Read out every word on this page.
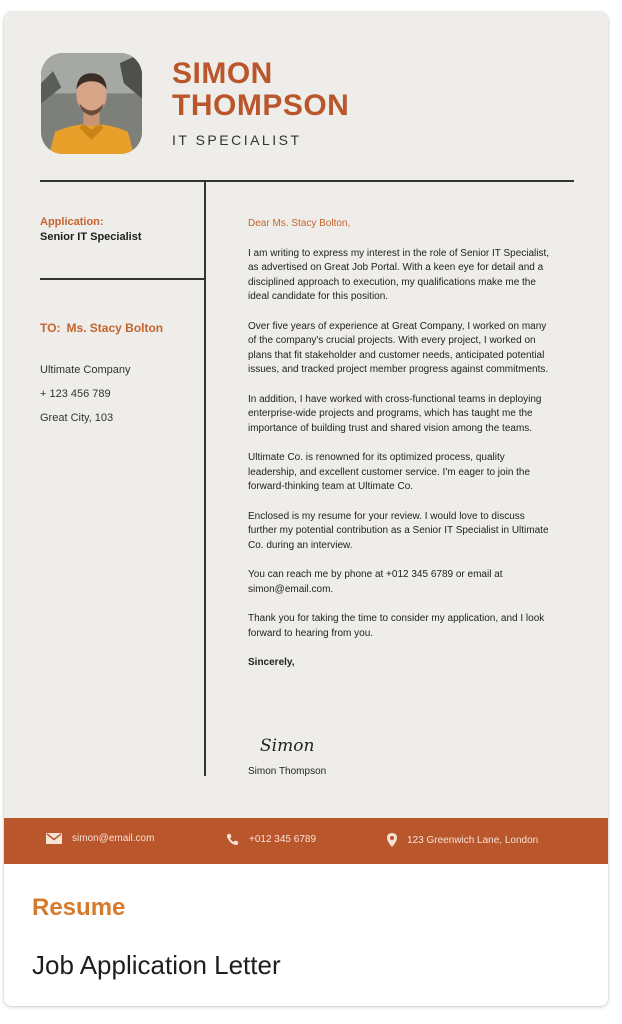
SIMON
THOMPSON
IT SPECIALIST
Application:
Senior IT Specialist
TO: Ms. Stacy Bolton
Ultimate Company
+ 123 456 789
Great City, 103

Dear Ms. Stacy Bolton,

I am writing to express my interest in the role of Senior IT Specialist, as advertised on Great Job Portal. With a keen eye for detail and a disciplined approach to execution, my qualifications make me the ideal candidate for this position.

Over five years of experience at Great Company, I worked on many of the company's crucial projects. With every project, I worked on plans that fit stakeholder and customer needs, anticipated potential issues, and tracked project member progress against commitments.

In addition, I have worked with cross-functional teams in deploying enterprise-wide projects and programs, which has taught me the importance of building trust and shared vision among the teams.

Ultimate Co. is renowned for its optimized process, quality leadership, and excellent customer service. I'm eager to join the forward-thinking team at Ultimate Co.

Enclosed is my resume for your review. I would love to discuss further my potential contribution as a Senior IT Specialist in Ultimate Co. during an interview.

You can reach me by phone at +012 345 6789 or email at simon@email.com.

Thank you for taking the time to consider my application, and I look forward to hearing from you.

Sincerely,

Simon
Simon Thompson
simon@email.com	+012 345 6789	123 Greenwich Lane, London
Resume
Job Application Letter
